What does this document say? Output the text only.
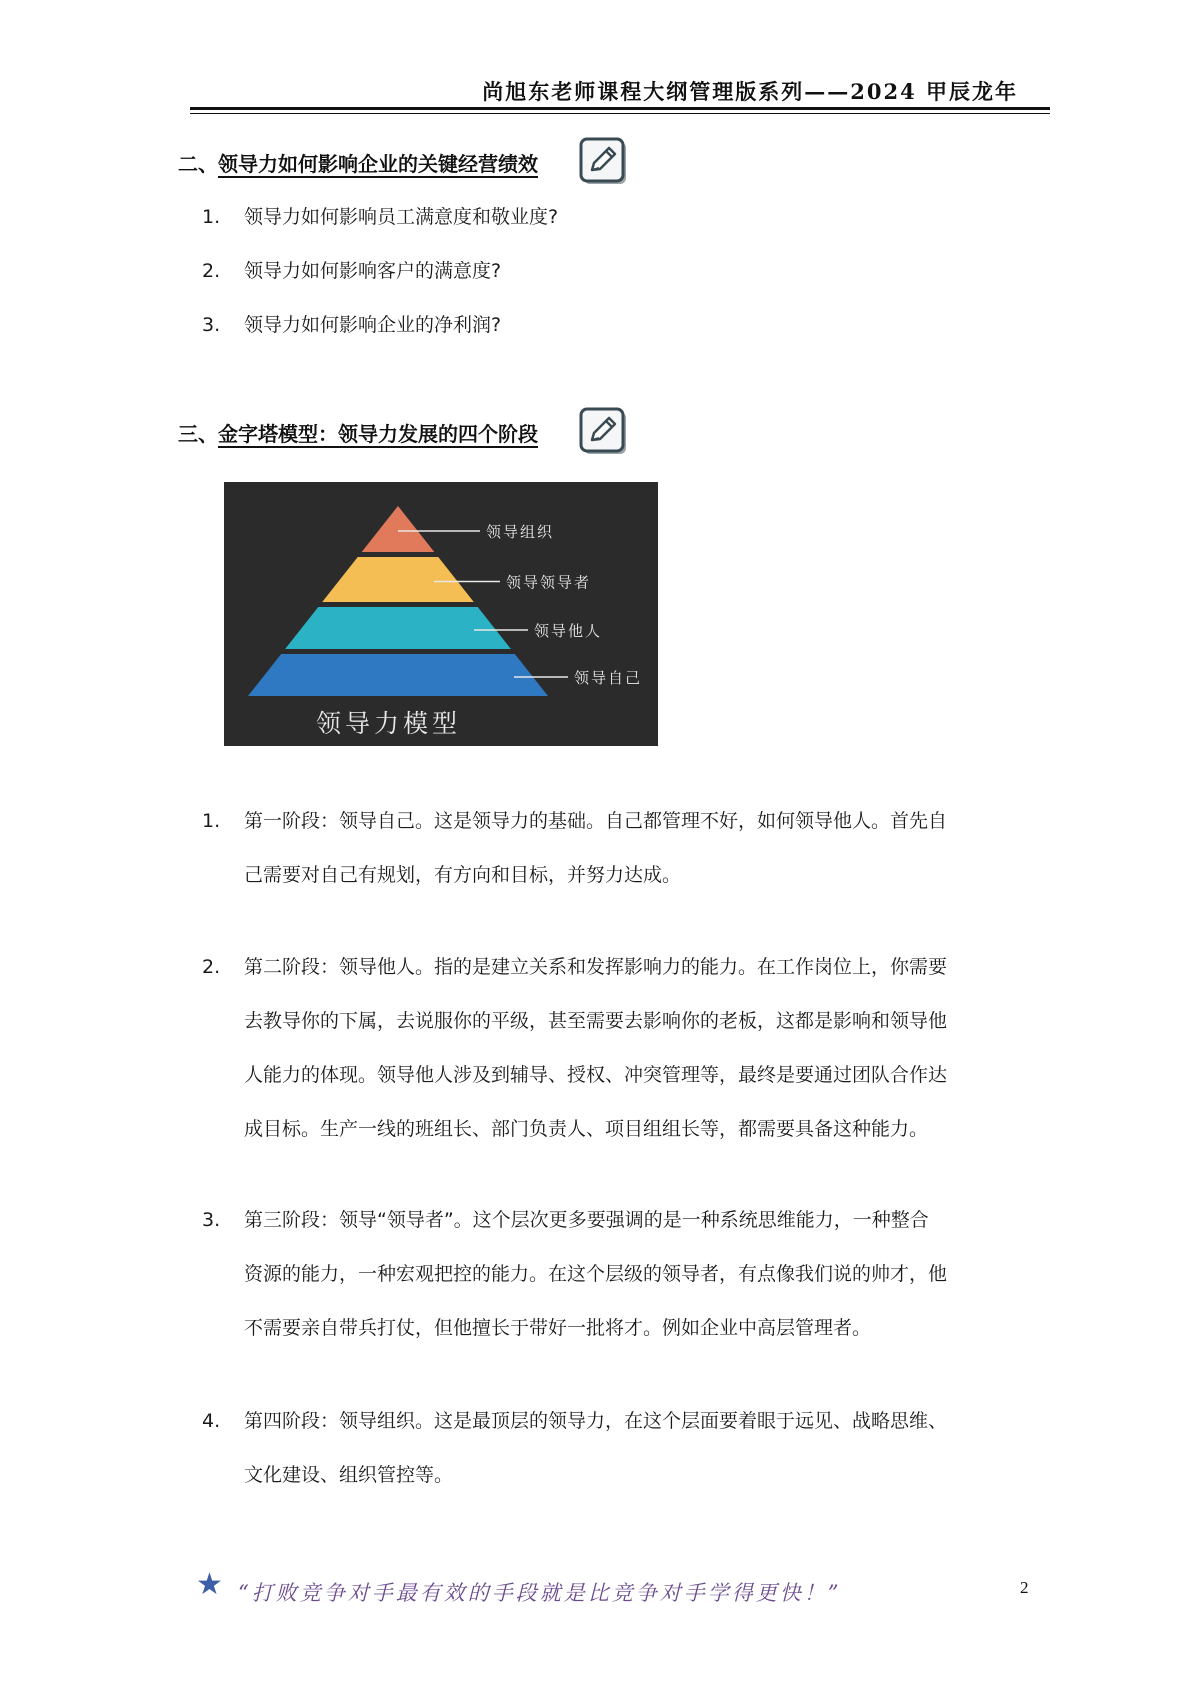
尚旭东老师课程大纲管理版系列——2024 甲辰龙年
二、领导力如何影响企业的关键经营绩效
1. 领导力如何影响员工满意度和敬业度?
2. 领导力如何影响客户的满意度?
3. 领导力如何影响企业的净利润?
三、金字塔模型：领导力发展的四个阶段
领导组织
领导领导者
领导他人
领导自己
领导力模型
1. 第一阶段：领导自己。这是领导力的基础。自己都管理不好，如何领导他人。首先自
己需要对自己有规划，有方向和目标，并努力达成。
2. 第二阶段：领导他人。指的是建立关系和发挥影响力的能力。在工作岗位上，你需要
去教导你的下属，去说服你的平级，甚至需要去影响你的老板，这都是影响和领导他
人能力的体现。领导他人涉及到辅导、授权、冲突管理等，最终是要通过团队合作达
成目标。生产一线的班组长、部门负责人、项目组组长等，都需要具备这种能力。
3. 第三阶段：领导“领导者”。这个层次更多要强调的是一种系统思维能力，一种整合
资源的能力，一种宏观把控的能力。在这个层级的领导者，有点像我们说的帅才，他
不需要亲自带兵打仗，但他擅长于带好一批将才。例如企业中高层管理者。
4. 第四阶段：领导组织。这是最顶层的领导力，在这个层面要着眼于远见、战略思维、
文化建设、组织管控等。
★ “打败竞争对手最有效的手段就是比竞争对手学得更快！”	2
